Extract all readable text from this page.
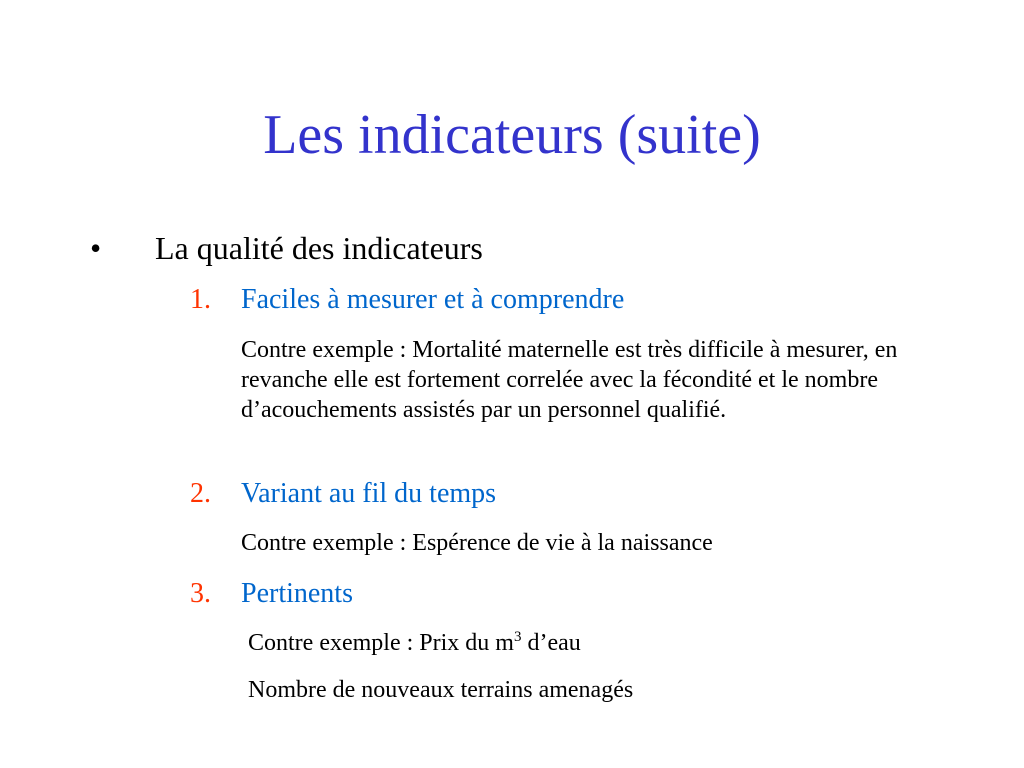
Les indicateurs (suite)
• La qualité des indicateurs
1. Faciles à mesurer et à comprendre
Contre exemple : Mortalité maternelle est très difficile à mesurer, en revanche elle est fortement correlée avec la fécondité et le nombre d’acouchements assistés par un personnel qualifié.
2. Variant au fil du temps
Contre exemple : Espérence de vie à la naissance
3. Pertinents
Contre exemple : Prix du $m^3$ d’eau
Nombre de nouveaux terrains amenagés
